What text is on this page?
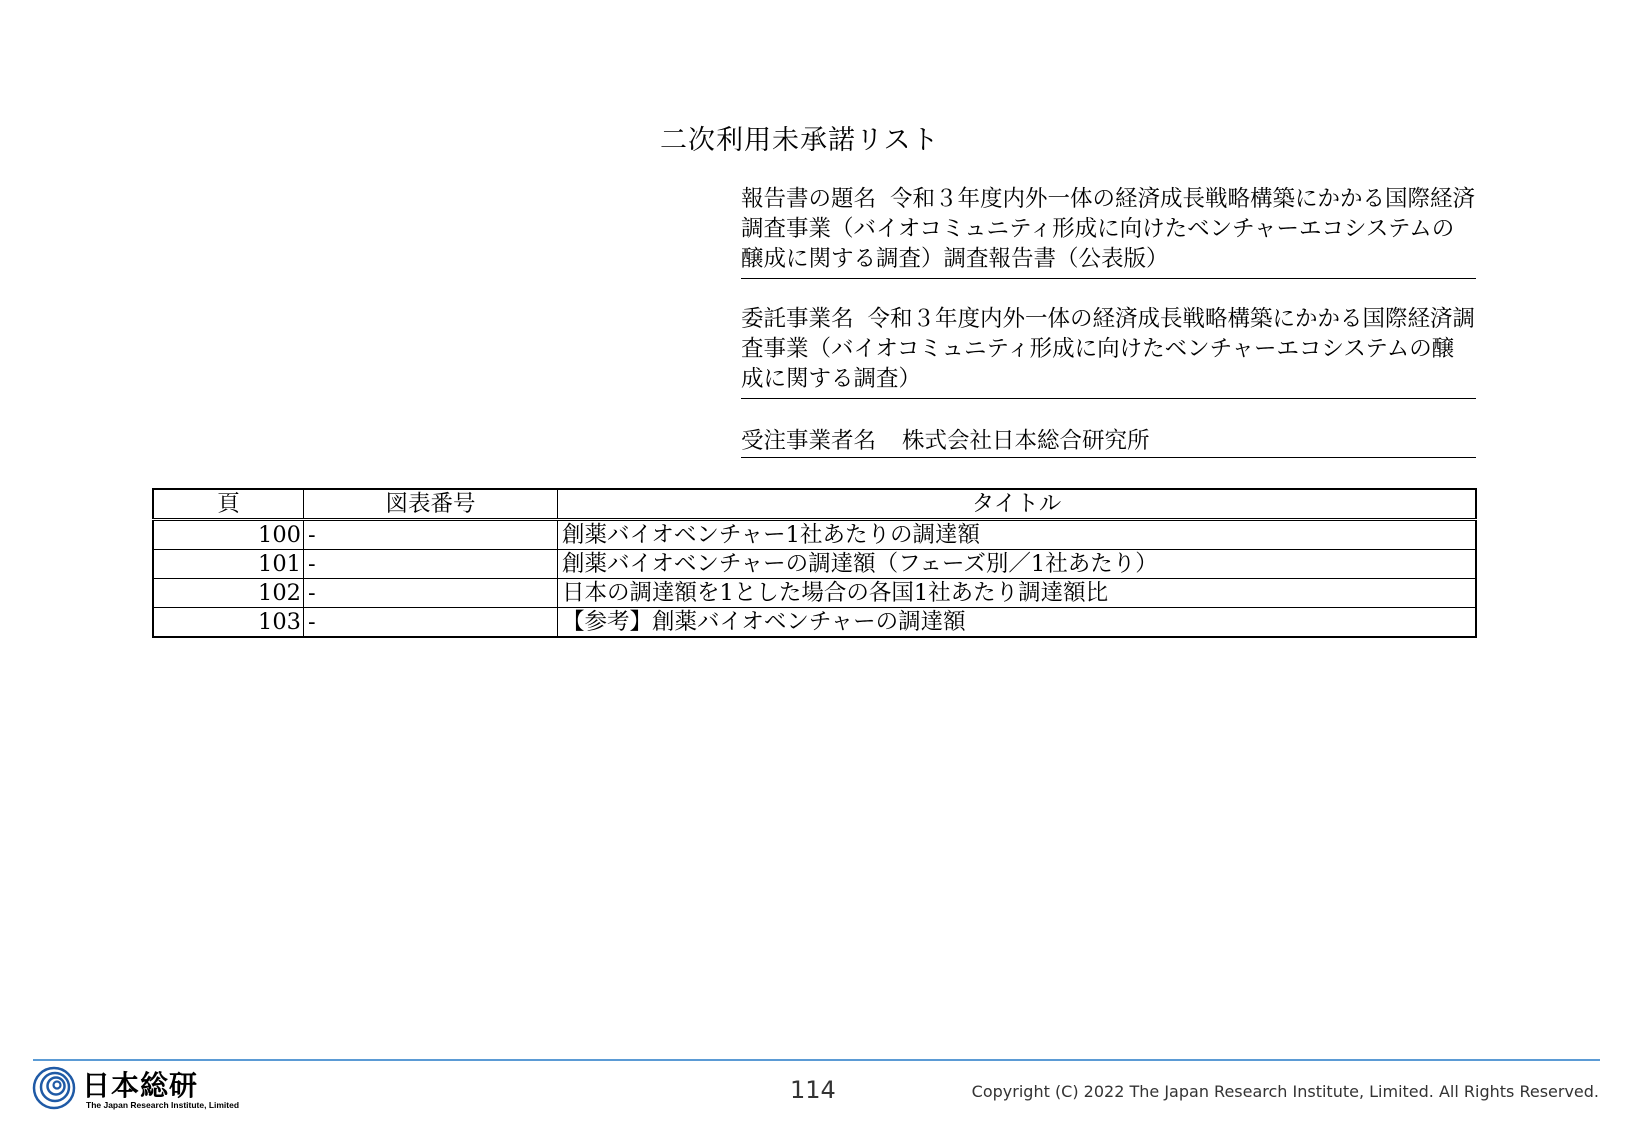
二次利用未承諾リスト
報告書の題名 令和３年度内外一体の経済成長戦略構築にかかる国際経済調査事業（バイオコミュニティ形成に向けたベンチャーエコシステムの醸成に関する調査）調査報告書（公表版）
委託事業名 令和３年度内外一体の経済成長戦略構築にかかる国際経済調査事業（バイオコミュニティ形成に向けたベンチャーエコシステムの醸成に関する調査）
受注事業者名 株式会社日本総合研究所
頁	図表番号	タイトル
100	-	創薬バイオベンチャー1社あたりの調達額
101	-	創薬バイオベンチャーの調達額（フェーズ別／1社あたり）
102	-	日本の調達額を1とした場合の各国1社あたり調達額比
103	-	【参考】創薬バイオベンチャーの調達額
日本総研
The Japan Research Institute, Limited
114	Copyright (C) 2022 The Japan Research Institute, Limited. All Rights Reserved.
